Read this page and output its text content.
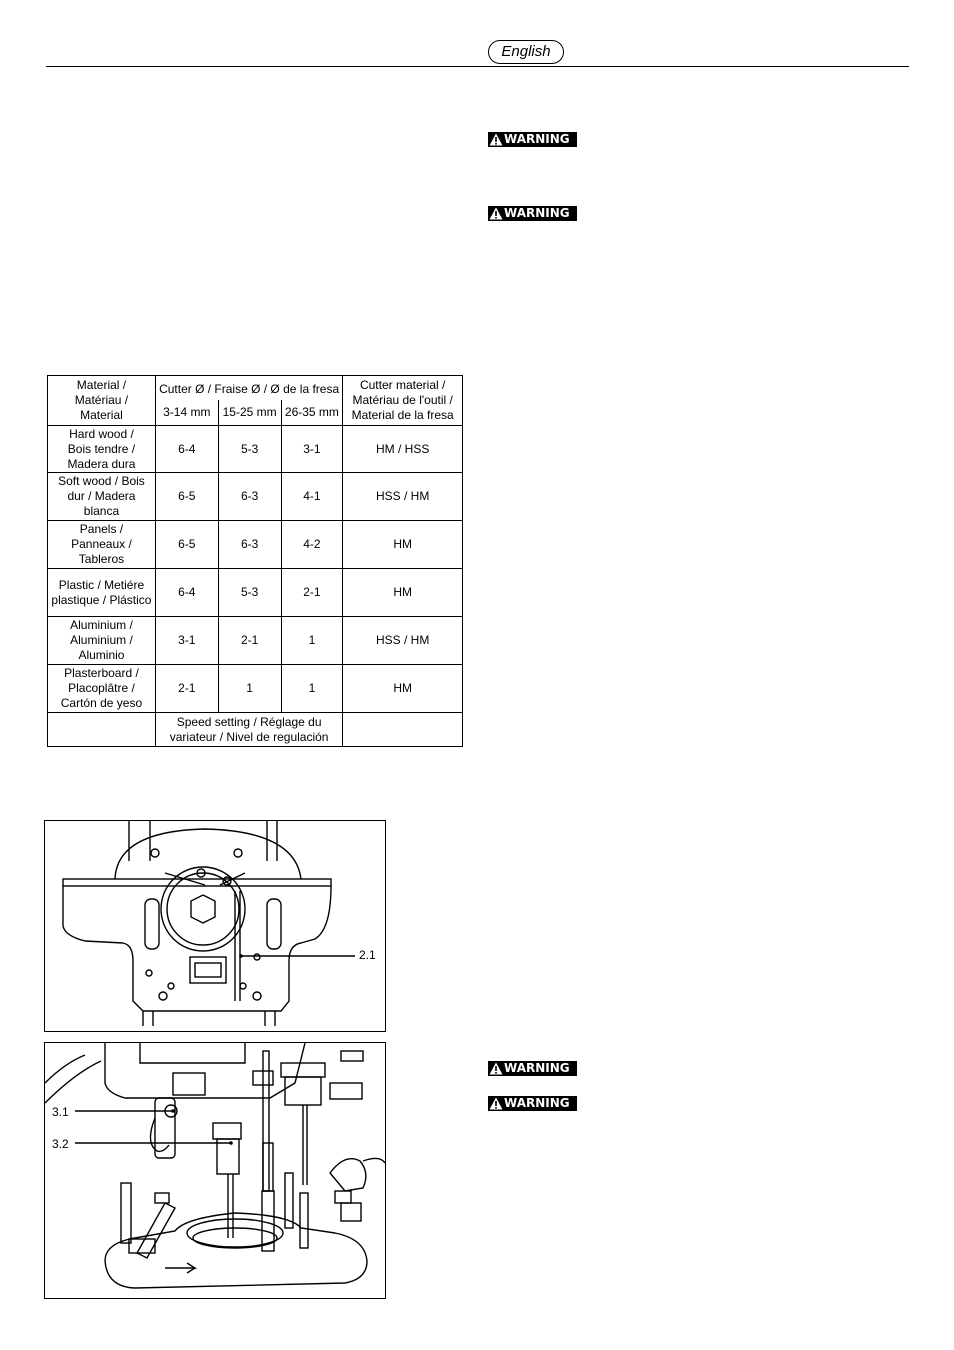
English
WARNING
WARNING
WARNING
WARNING
Material / Matériau / Material	Cutter Ø / Fraise Ø / Ø de la fresa			Cutter material / Matériau de l'outil / Material de la fresa
	3-14 mm	15-25 mm	26-35 mm	
Hard wood / Bois tendre / Madera dura	6-4	5-3	3-1	HM / HSS
Soft wood / Bois dur / Madera blanca	6-5	6-3	4-1	HSS / HM
Panels / Panneaux / Tableros	6-5	6-3	4-2	HM
Plastic / Metiére plastique / Plástico	6-4	5-3	2-1	HM
Aluminium / Aluminium / Aluminio	3-1	2-1	1	HSS / HM
Plasterboard / Placoplâtre / Cartón de yeso	2-1	1	1	HM
	Speed setting / Réglage du variateur / Nivel de regulación			
2.1
3.1
3.2
